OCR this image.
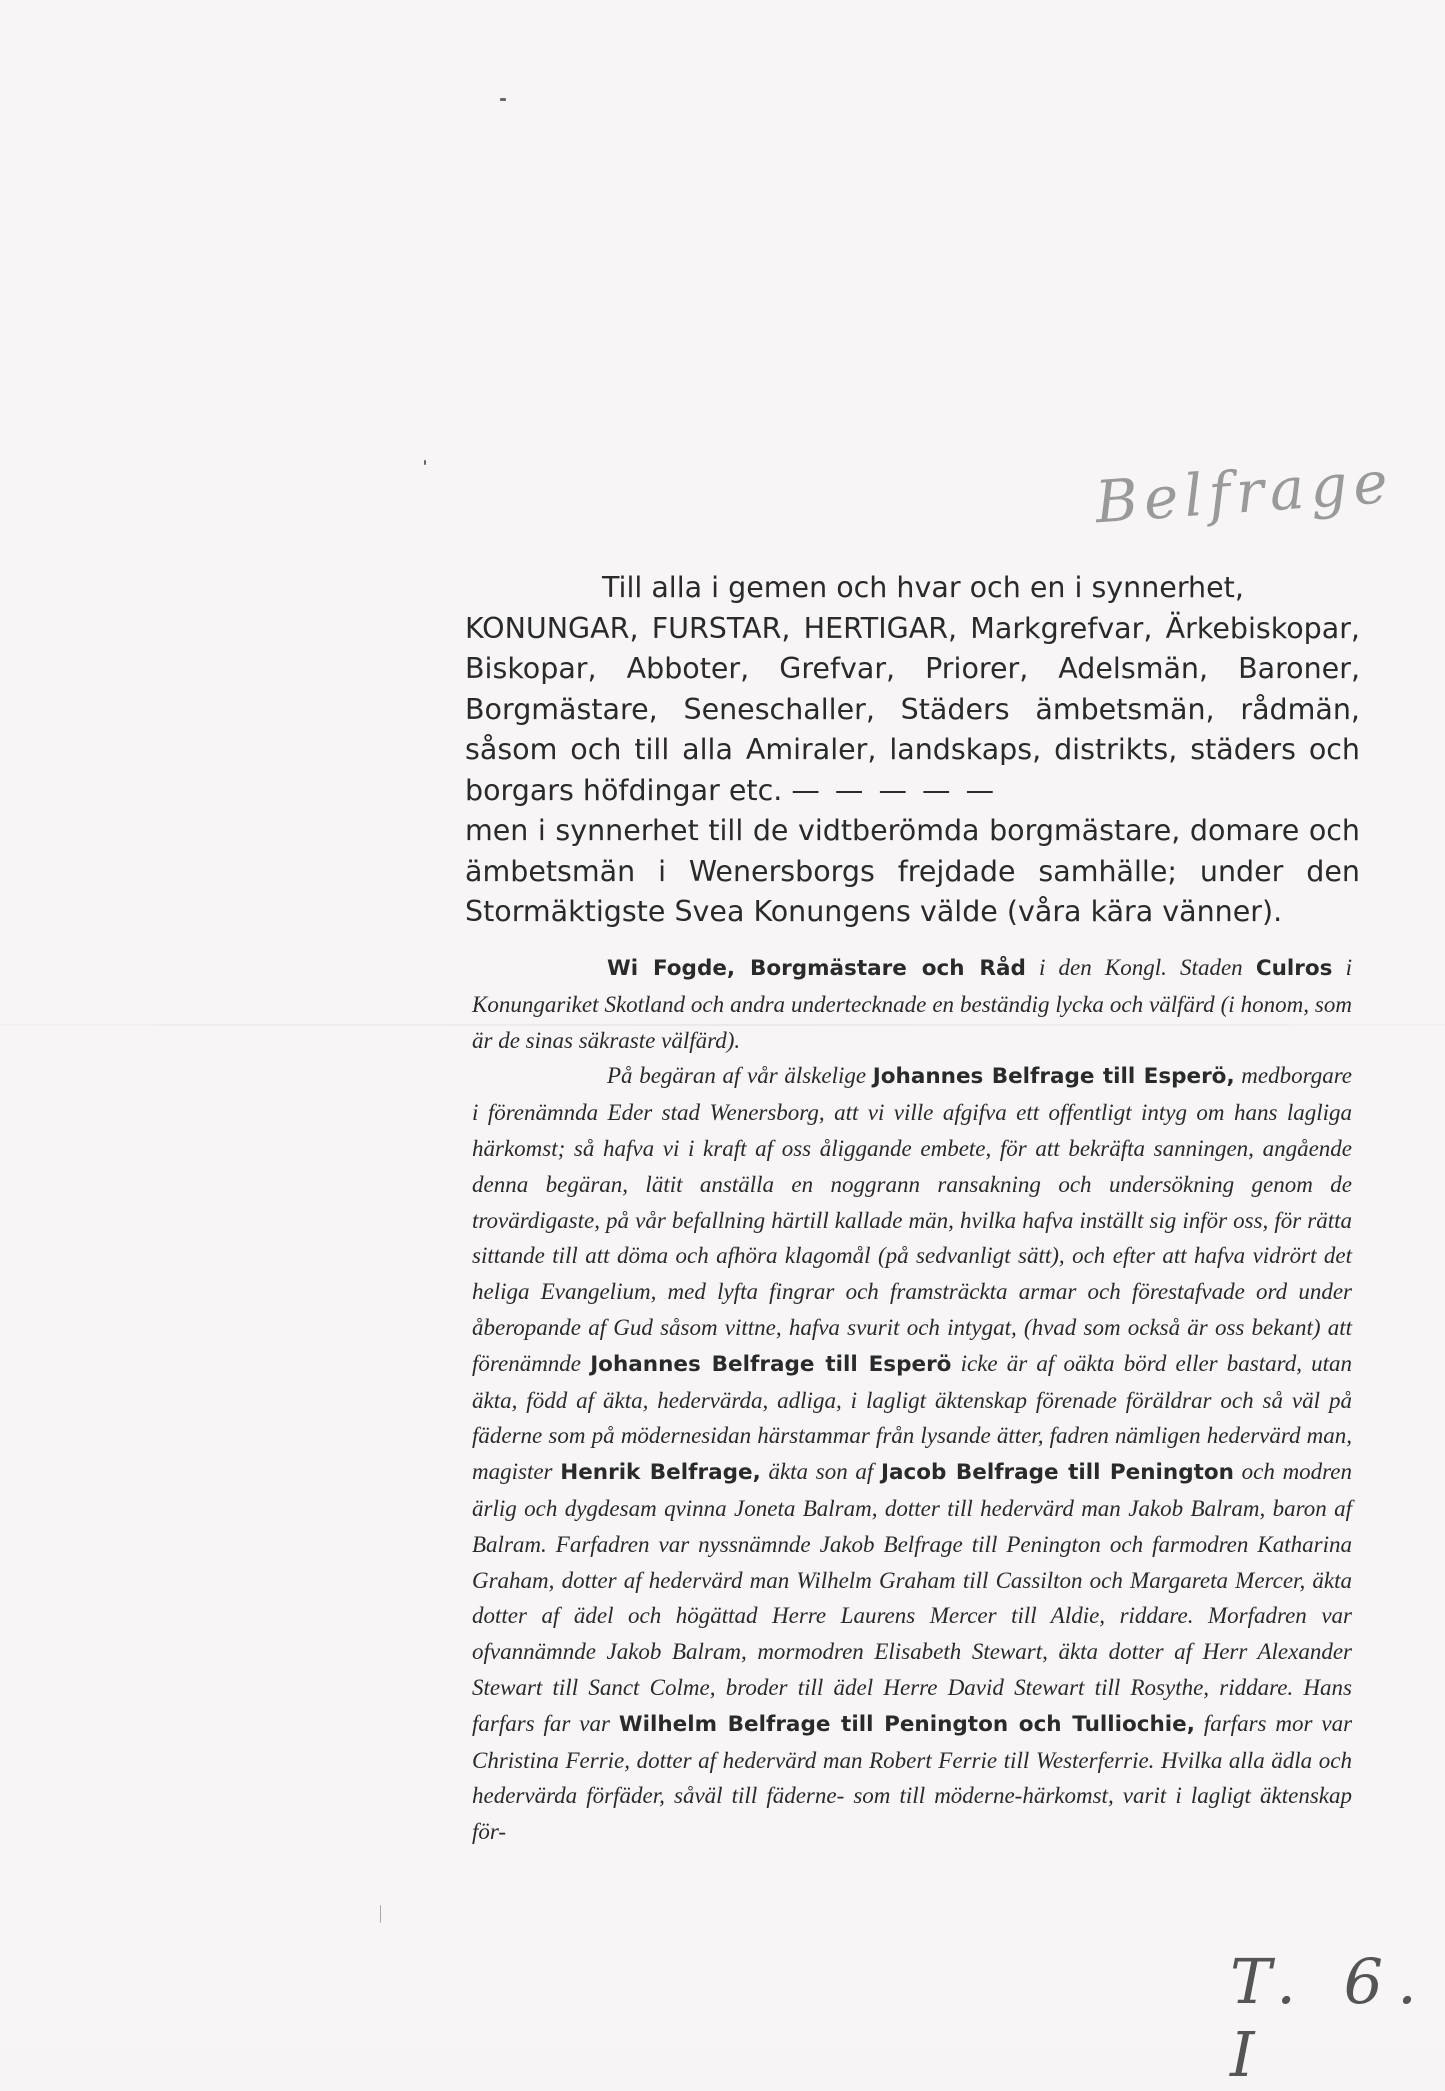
Belfrage
T. 6. I

Till alla i gemen och hvar och en i synnerhet,

KONUNGAR, FURSTAR, HERTIGAR, Markgrefvar, Ärkebiskopar, Biskopar, Abboter, Grefvar, Priorer, Adelsmän, Baroner, Borgmästare, Seneschaller, Städers ämbetsmän, rådmän, såsom och till alla Amiraler, landskaps, distrikts, städers och borgars höfdingar etc. — — — — —

men i synnerhet till de vidtberömda borgmästare, domare och ämbetsmän i Wenersborgs frejdade samhälle; under den Stormäktigste Svea Konungens välde (våra kära vänner).

Wi Fogde, Borgmästare och Råd i den Kongl. Staden Culros i Konungariket Skotland och andra undertecknade en beständig lycka och välfärd (i honom, som är de sinas säkraste välfärd).

På begäran af vår älskelige Johannes Belfrage till Esperö, medborgare i förenämnda Eder stad Wenersborg, att vi ville afgifva ett offentligt intyg om hans lagliga härkomst; så hafva vi i kraft af oss åliggande embete, för att bekräfta sanningen, angående denna begäran, lätit anställa en noggrann ransakning och undersökning genom de trovärdigaste, på vår befallning härtill kallade män, hvilka hafva inställt sig inför oss, för rätta sittande till att döma och afhöra klagomål (på sedvanligt sätt), och efter att hafva vidrört det heliga Evangelium, med lyfta fingrar och framsträckta armar och förestafvade ord under åberopande af Gud såsom vittne, hafva svurit och intygat, (hvad som också är oss bekant) att förenämnde Johannes Belfrage till Esperö icke är af oäkta börd eller bastard, utan äkta, född af äkta, hedervärda, adliga, i lagligt äktenskap förenade föräldrar och så väl på fäderne som på mödernesidan härstammar från lysande ätter, fadren nämligen hedervärd man, magister Henrik Belfrage, äkta son af Jacob Belfrage till Penington och modren ärlig och dygdesam qvinna Joneta Balram, dotter till hedervärd man Jakob Balram, baron af Balram. Farfadren var nyssnämnde Jakob Belfrage till Penington och farmodren Katharina Graham, dotter af hedervärd man Wilhelm Graham till Cassilton och Margareta Mercer, äkta dotter af ädel och högättad Herre Laurens Mercer till Aldie, riddare. Morfadren var ofvannämnde Jakob Balram, mormodren Elisabeth Stewart, äkta dotter af Herr Alexander Stewart till Sanct Colme, broder till ädel Herre David Stewart till Rosythe, riddare. Hans farfars far var Wilhelm Belfrage till Penington och Tulliochie, farfars mor var Christina Ferrie, dotter af hedervärd man Robert Ferrie till Westerferrie. Hvilka alla ädla och hedervärda förfäder, såväl till fäderne- som till möderne-härkomst, varit i lagligt äktenskap för-
